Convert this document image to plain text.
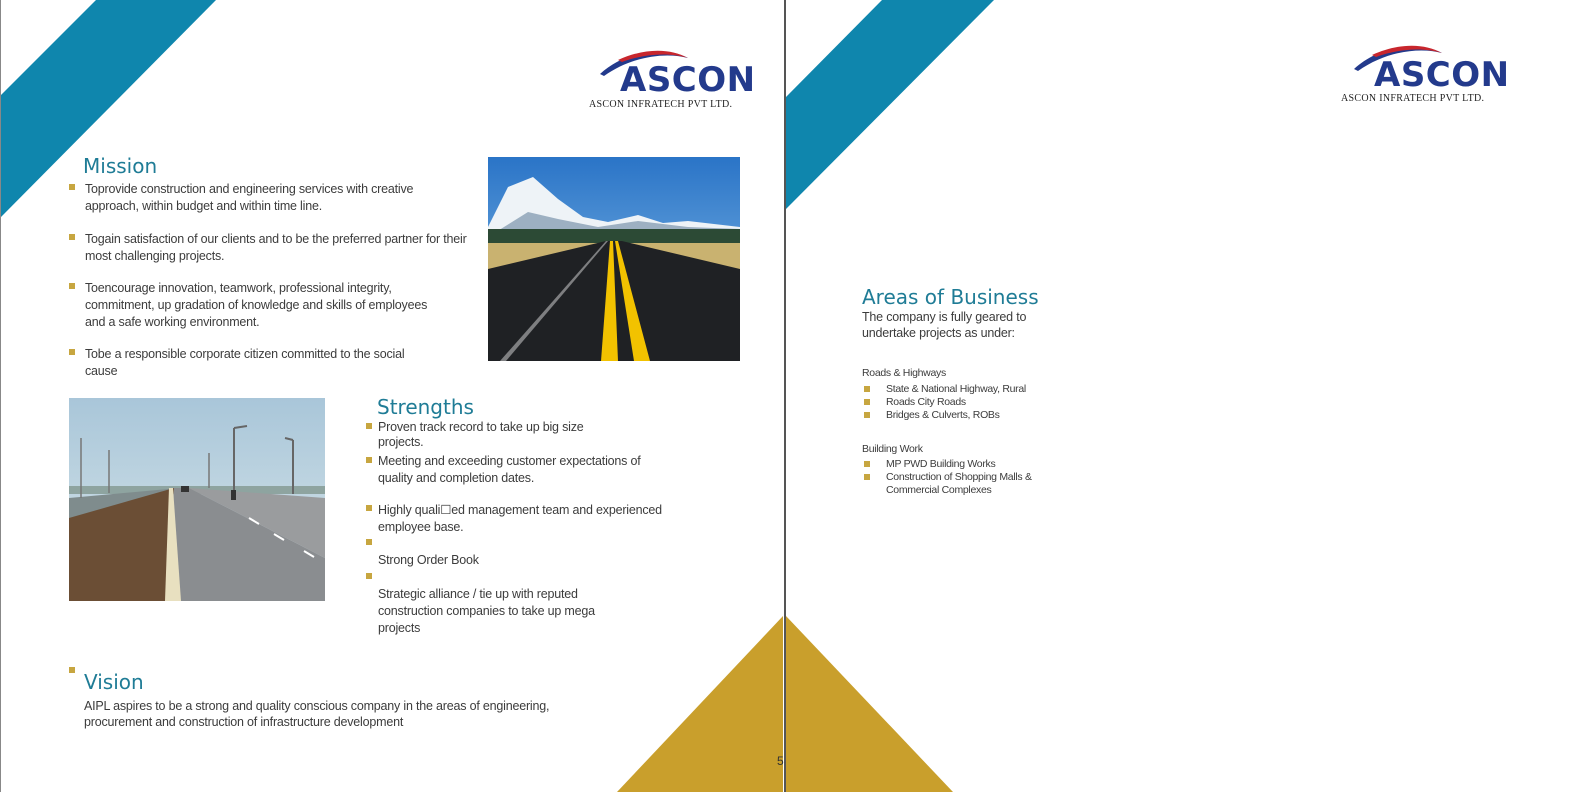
ASCON
ASCON INFRATECH PVT LTD.
ASCON
ASCON INFRATECH PVT LTD.
Mission
Toprovide construction and engineering services with creative approach, within budget and within time line.
Togain satisfaction of our clients and to be the preferred partner for their most challenging projects.
Toencourage innovation, teamwork, professional integrity, commitment, up gradation of knowledge and skills of employees and a safe working environment.
Tobe a responsible corporate citizen committed to the social cause
Strengths
Proven track record to take up big size projects.
Meeting and exceeding customer expectations of quality and completion dates.
Highly quali☐ed management team and experienced employee base.
Strong Order Book
Strategic alliance / tie up with reputed construction companies to take up mega projects
Vision
AIPL aspires to be a strong and quality conscious company in the areas of engineering, procurement and construction of infrastructure development
5
Areas of Business
The company is fully geared to undertake projects as under:
Roads & Highways
State & National Highway, Rural
Roads City Roads
Bridges & Culverts, ROBs
Building Work
MP PWD Building Works
Construction of Shopping Malls & Commercial Complexes
